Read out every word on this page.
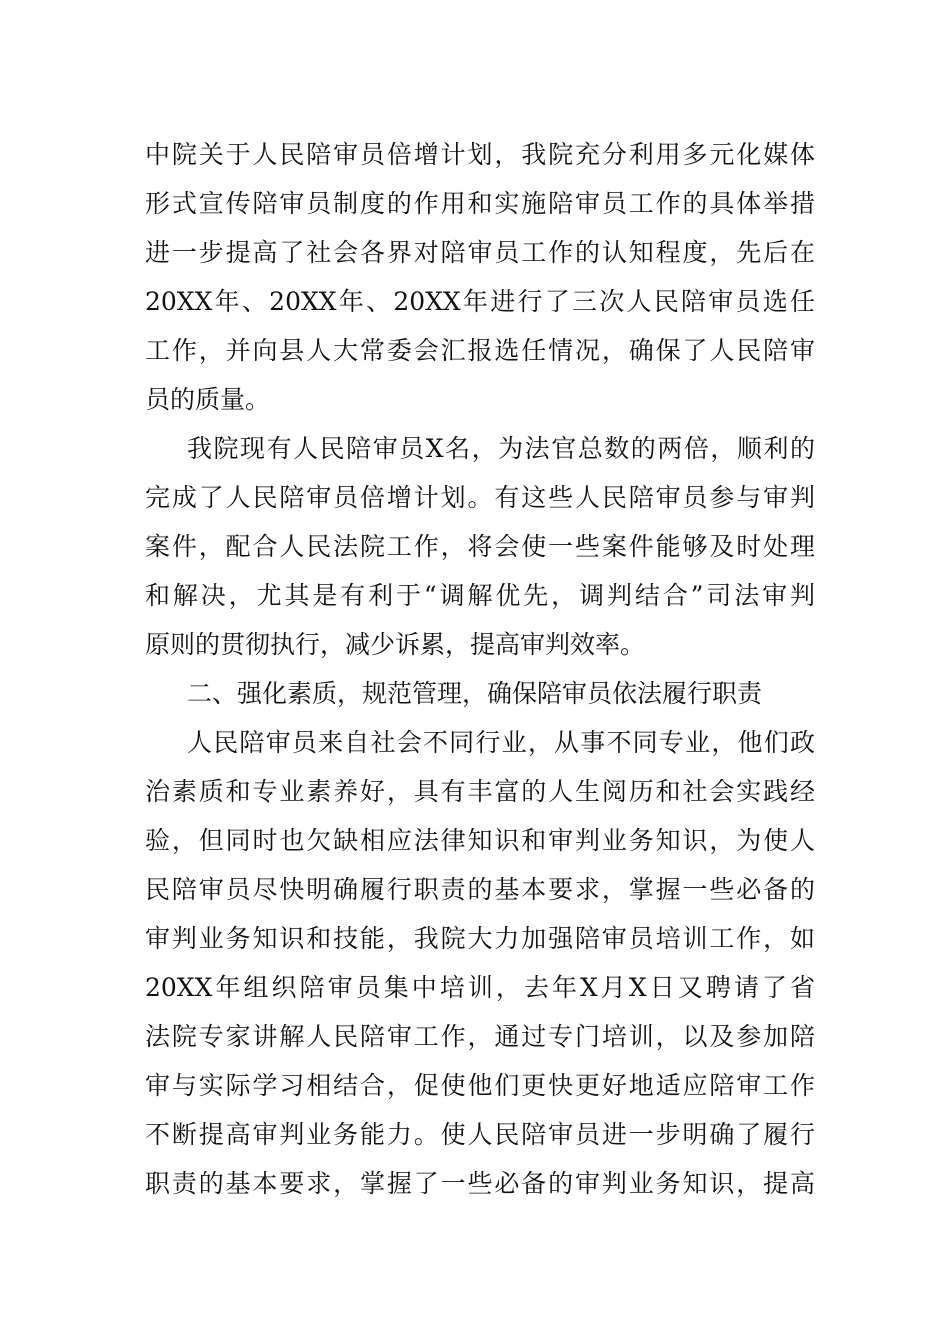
中院关于人民陪审员倍增计划，我院充分利用多元化媒体
形式宣传陪审员制度的作用和实施陪审员工作的具体举措
进一步提高了社会各界对陪审员工作的认知程度，先后在
20XX年、20XX年、20XX年进行了三次人民陪审员选任
工作，并向县人大常委会汇报选任情况，确保了人民陪审
员的质量。
我院现有人民陪审员X名，为法官总数的两倍，顺利的
完成了人民陪审员倍增计划。有这些人民陪审员参与审判
案件，配合人民法院工作，将会使一些案件能够及时处理
和解决，尤其是有利于“调解优先，调判结合”司法审判
原则的贯彻执行，减少诉累，提高审判效率。
二、强化素质，规范管理，确保陪审员依法履行职责
人民陪审员来自社会不同行业，从事不同专业，他们政
治素质和专业素养好，具有丰富的人生阅历和社会实践经
验，但同时也欠缺相应法律知识和审判业务知识，为使人
民陪审员尽快明确履行职责的基本要求，掌握一些必备的
审判业务知识和技能，我院大力加强陪审员培训工作，如
20XX年组织陪审员集中培训，去年X月X日又聘请了省
法院专家讲解人民陪审工作，通过专门培训，以及参加陪
审与实际学习相结合，促使他们更快更好地适应陪审工作
不断提高审判业务能力。使人民陪审员进一步明确了履行
职责的基本要求，掌握了一些必备的审判业务知识，提高
